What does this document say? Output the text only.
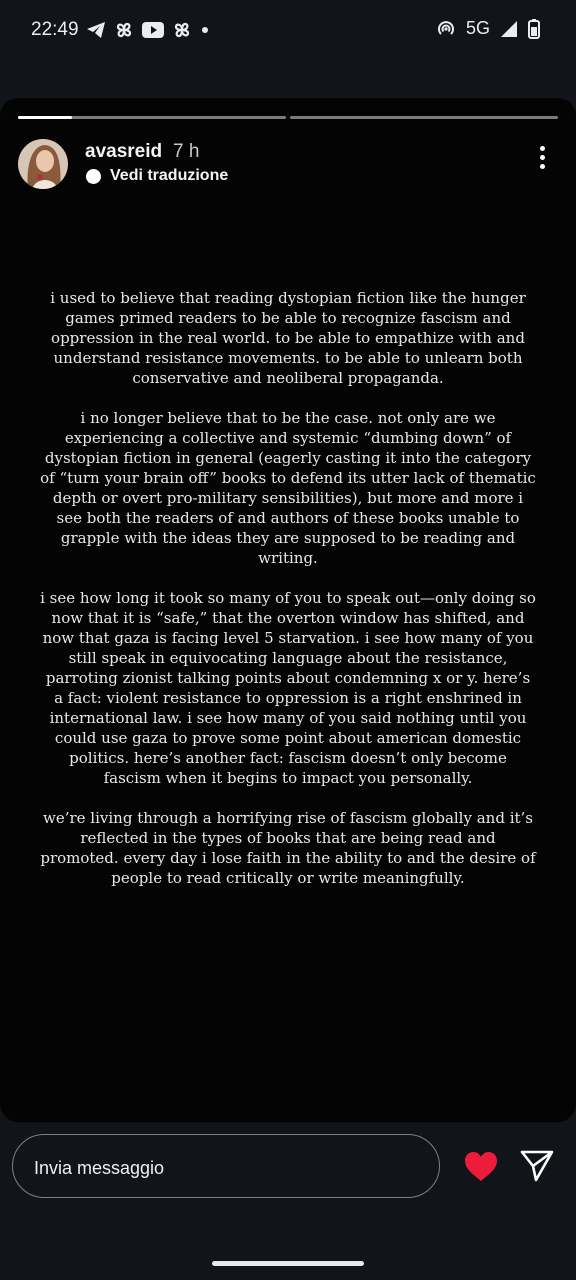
22:49	5G
avasreid 7 h
Vedi traduzione

i used to believe that reading dystopian fiction like the hunger games primed readers to be able to recognize fascism and oppression in the real world. to be able to empathize with and understand resistance movements. to be able to unlearn both conservative and neoliberal propaganda.

i no longer believe that to be the case. not only are we experiencing a collective and systemic “dumbing down” of dystopian fiction in general (eagerly casting it into the category of “turn your brain off” books to defend its utter lack of thematic depth or overt pro-military sensibilities), but more and more i see both the readers of and authors of these books unable to grapple with the ideas they are supposed to be reading and writing.

i see how long it took so many of you to speak out—only doing so now that it is “safe,” that the overton window has shifted, and now that gaza is facing level 5 starvation. i see how many of you still speak in equivocating language about the resistance, parroting zionist talking points about condemning x or y. here’s a fact: violent resistance to oppression is a right enshrined in international law. i see how many of you said nothing until you could use gaza to prove some point about american domestic politics. here’s another fact: fascism doesn’t only become fascism when it begins to impact you personally.

we’re living through a horrifying rise of fascism globally and it’s reflected in the types of books that are being read and promoted. every day i lose faith in the ability to and the desire of people to read critically or write meaningfully.

Invia messaggio
